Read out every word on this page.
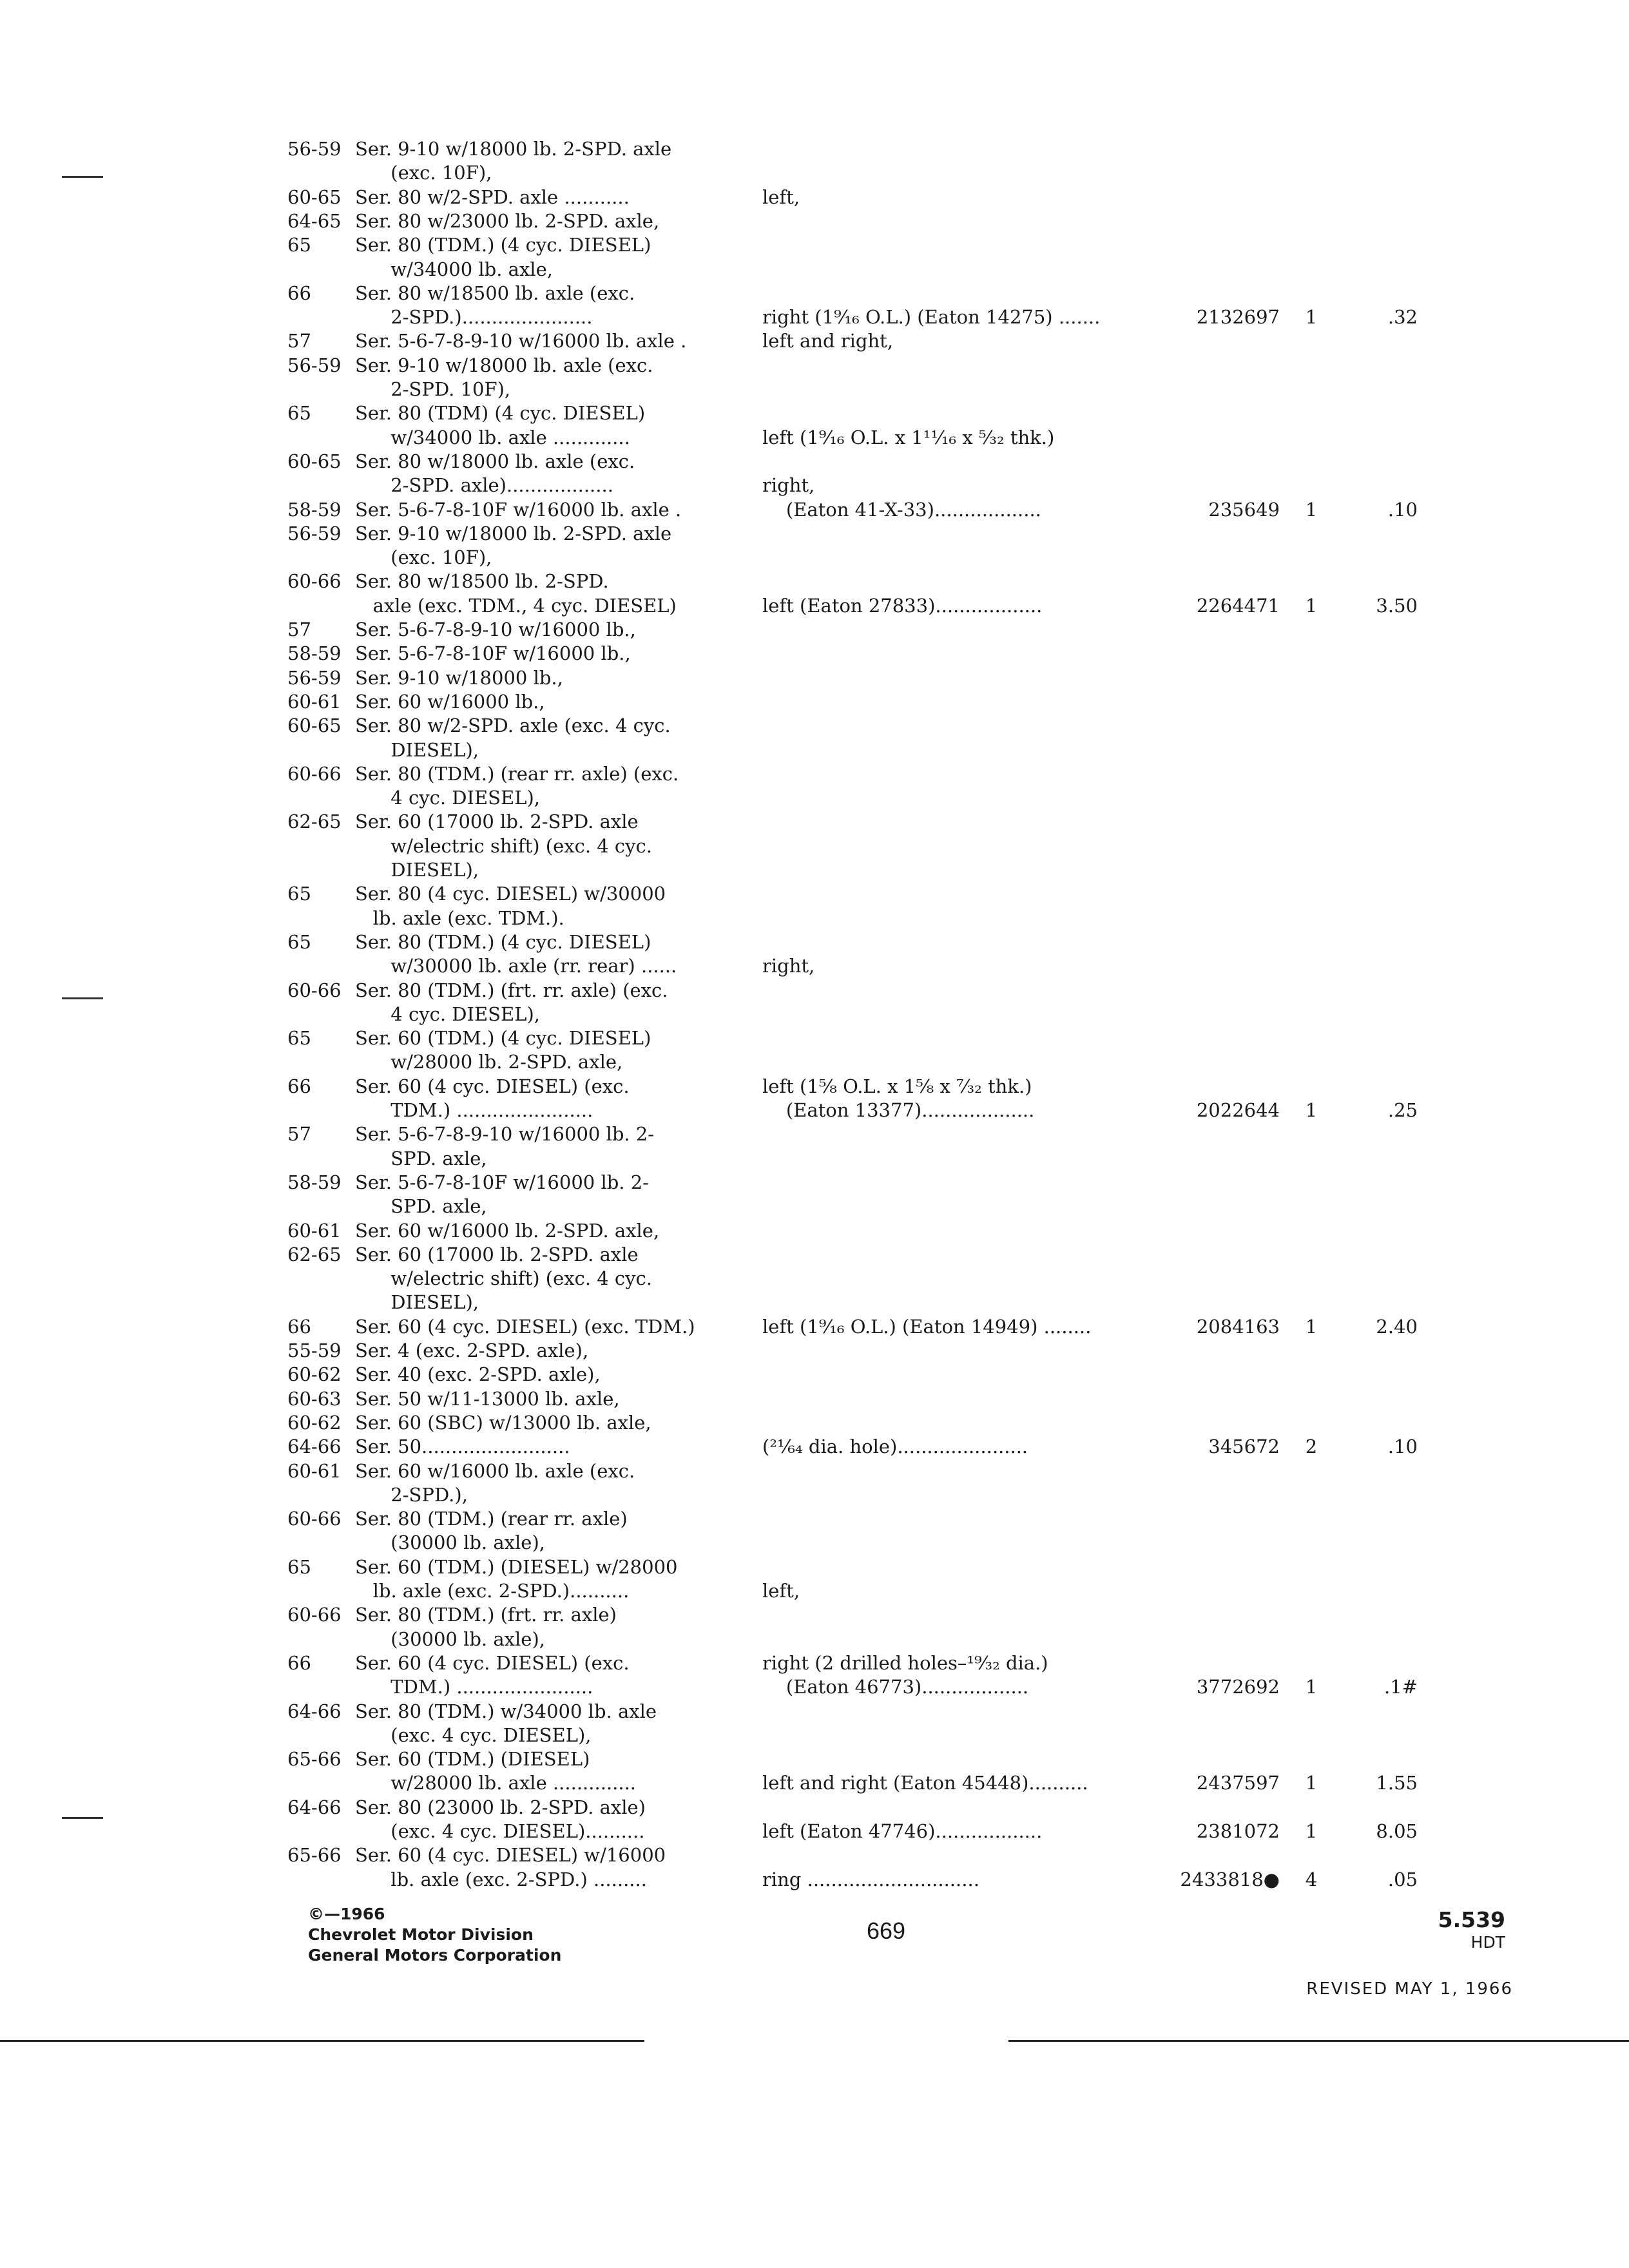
56-59 Ser. 9-10 w/18000 lb. 2-SPD. axle
(exc. 10F),
60-65 Ser. 80 w/2-SPD. axle ...........	left,
64-65 Ser. 80 w/23000 lb. 2-SPD. axle,
65 Ser. 80 (TDM.) (4 cyc. DIESEL)
w/34000 lb. axle,
66 Ser. 80 w/18500 lb. axle (exc.
2-SPD.)......................	right (1⁹⁄₁₆ O.L.) (Eaton 14275) .......	2132697	1	.32
57 Ser. 5-6-7-8-9-10 w/16000 lb. axle .	left and right,
56-59 Ser. 9-10 w/18000 lb. axle (exc.
2-SPD. 10F),
65 Ser. 80 (TDM) (4 cyc. DIESEL)
w/34000 lb. axle .............	left (1⁹⁄₁₆ O.L. x 1¹¹⁄₁₆ x ⁵⁄₃₂ thk.)
60-65 Ser. 80 w/18000 lb. axle (exc.
2-SPD. axle)..................	right,
58-59 Ser. 5-6-7-8-10F w/16000 lb. axle .	(Eaton 41-X-33)..................	235649	1	.10
56-59 Ser. 9-10 w/18000 lb. 2-SPD. axle
(exc. 10F),
60-66 Ser. 80 w/18500 lb. 2-SPD.
axle (exc. TDM., 4 cyc. DIESEL)	left (Eaton 27833)..................	2264471	1	3.50
57 Ser. 5-6-7-8-9-10 w/16000 lb.,
58-59 Ser. 5-6-7-8-10F w/16000 lb.,
56-59 Ser. 9-10 w/18000 lb.,
60-61 Ser. 60 w/16000 lb.,
60-65 Ser. 80 w/2-SPD. axle (exc. 4 cyc.
DIESEL),
60-66 Ser. 80 (TDM.) (rear rr. axle) (exc.
4 cyc. DIESEL),
62-65 Ser. 60 (17000 lb. 2-SPD. axle
w/electric shift) (exc. 4 cyc.
DIESEL),
65 Ser. 80 (4 cyc. DIESEL) w/30000
lb. axle (exc. TDM.).
65 Ser. 80 (TDM.) (4 cyc. DIESEL)
w/30000 lb. axle (rr. rear) ......	right,
60-66 Ser. 80 (TDM.) (frt. rr. axle) (exc.
4 cyc. DIESEL),
65 Ser. 60 (TDM.) (4 cyc. DIESEL)
w/28000 lb. 2-SPD. axle,
66 Ser. 60 (4 cyc. DIESEL) (exc.	left (1⁵⁄₈ O.L. x 1⁵⁄₈ x ⁷⁄₃₂ thk.)
TDM.) .......................	(Eaton 13377)...................	2022644	1	.25
57 Ser. 5-6-7-8-9-10 w/16000 lb. 2-
SPD. axle,
58-59 Ser. 5-6-7-8-10F w/16000 lb. 2-
SPD. axle,
60-61 Ser. 60 w/16000 lb. 2-SPD. axle,
62-65 Ser. 60 (17000 lb. 2-SPD. axle
w/electric shift) (exc. 4 cyc.
DIESEL),
66 Ser. 60 (4 cyc. DIESEL) (exc. TDM.)	left (1⁹⁄₁₆ O.L.) (Eaton 14949) ........	2084163	1	2.40
55-59 Ser. 4 (exc. 2-SPD. axle),
60-62 Ser. 40 (exc. 2-SPD. axle),
60-63 Ser. 50 w/11-13000 lb. axle,
60-62 Ser. 60 (SBC) w/13000 lb. axle,
64-66 Ser. 50.........................	(²¹⁄₆₄ dia. hole)......................	345672	2	.10
60-61 Ser. 60 w/16000 lb. axle (exc.
2-SPD.),
60-66 Ser. 80 (TDM.) (rear rr. axle)
(30000 lb. axle),
65 Ser. 60 (TDM.) (DIESEL) w/28000
lb. axle (exc. 2-SPD.)..........	left,
60-66 Ser. 80 (TDM.) (frt. rr. axle)
(30000 lb. axle),
66 Ser. 60 (4 cyc. DIESEL) (exc.	right (2 drilled holes–¹⁹⁄₃₂ dia.)
TDM.) .......................	(Eaton 46773)..................	3772692	1	.1#
64-66 Ser. 80 (TDM.) w/34000 lb. axle
(exc. 4 cyc. DIESEL),
65-66 Ser. 60 (TDM.) (DIESEL)
w/28000 lb. axle ..............	left and right (Eaton 45448)..........	2437597	1	1.55
64-66 Ser. 80 (23000 lb. 2-SPD. axle)
(exc. 4 cyc. DIESEL)..........	left (Eaton 47746)..................	2381072	1	8.05
65-66 Ser. 60 (4 cyc. DIESEL) w/16000
lb. axle (exc. 2-SPD.) .........	ring .............................	2433818●	4	.05
©—1966
Chevrolet Motor Division
General Motors Corporation
669	5.539
HDT
REVISED MAY 1, 1966
